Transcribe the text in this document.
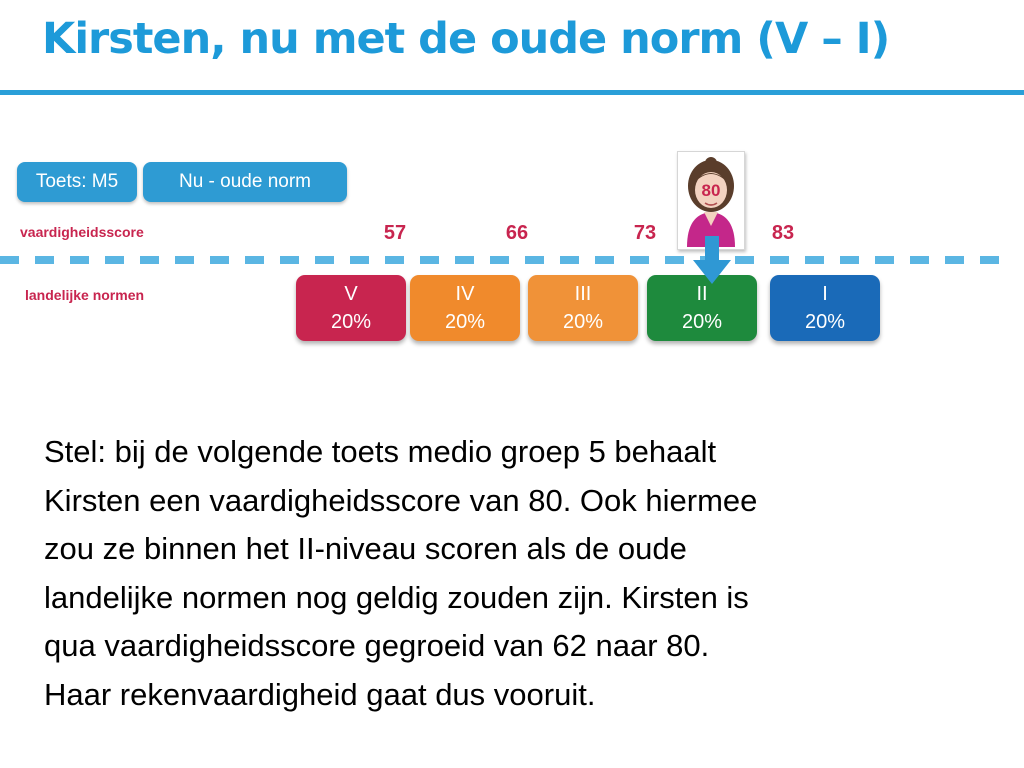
Kirsten, nu met de oude norm (V – I)
Toets: M5	Nu - oude norm
vaardigheidsscore
landelijke normen
57	66	73	83
V
20%
IV
20%
III
20%
II
20%
I
20%
80

Stel: bij de volgende toets medio groep 5 behaalt
Kirsten een vaardigheidsscore van 80. Ook hiermee
zou ze binnen het II-niveau scoren als de oude
landelijke normen nog geldig zouden zijn. Kirsten is
qua vaardigheidsscore gegroeid van 62 naar 80.
Haar rekenvaardigheid gaat dus vooruit.
